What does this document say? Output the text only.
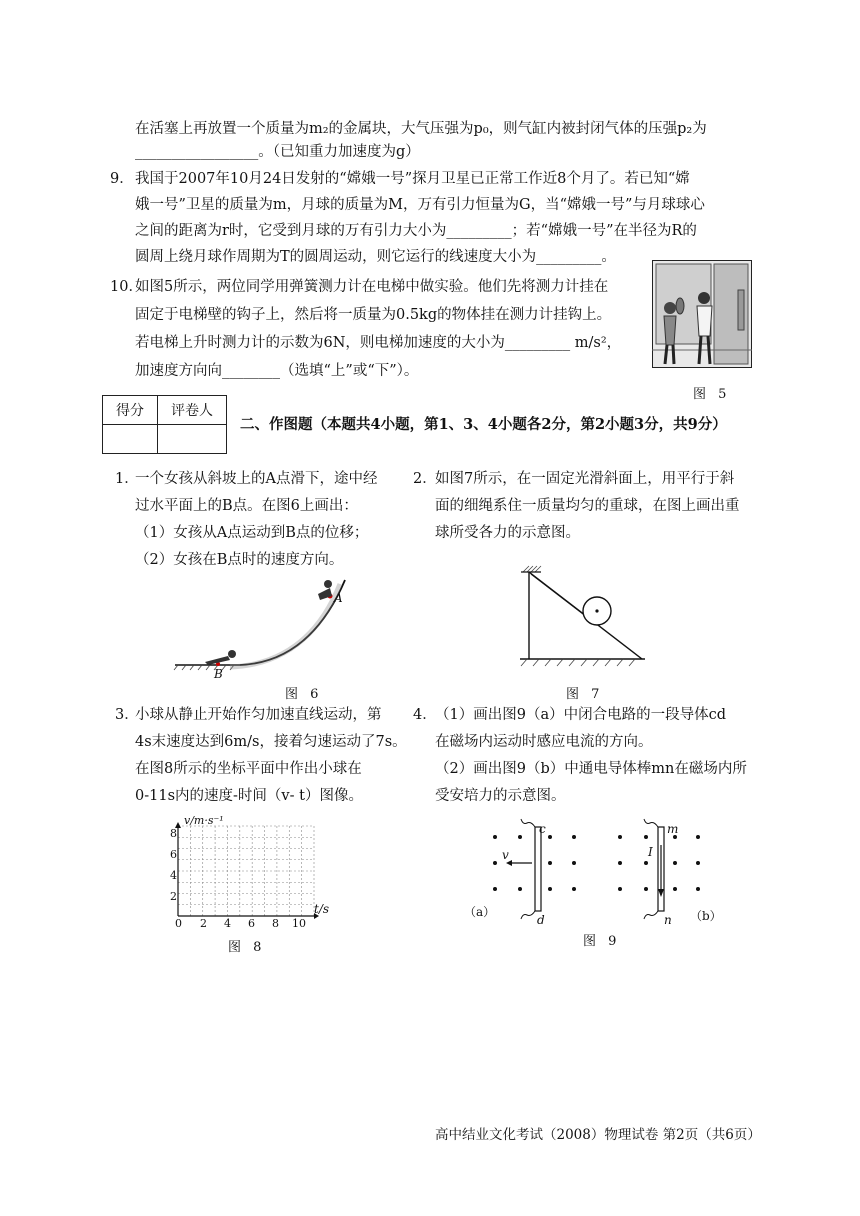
在活塞上再放置一个质量为m₂的金属块，大气压强为p₀，则气缸内被封闭气体的压强p₂为
_________________。（已知重力加速度为g）
9． 我国于2007年10月24日发射的“嫦娥一号”探月卫星已正常工作近8个月了。若已知“嫦
娥一号”卫星的质量为m，月球的质量为M，万有引力恒量为G，当“嫦娥一号”与月球球心
之间的距离为r时，它受到月球的万有引力大小为_________；若“嫦娥一号”在半径为R的
圆周上绕月球作周期为T的圆周运动，则它运行的线速度大小为_________。
10．
如图5所示，两位同学用弹簧测力计在电梯中做实验。他们先将测力计挂在
固定于电梯壁的钩子上，然后将一质量为0.5kg的物体挂在测力计挂钩上。
若电梯上升时测力计的示数为6N，则电梯加速度的大小为_________ m/s²，
加速度方向向________（选填“上”或“下”）。
图 5
得分	评卷人

二、作图题（本题共4小题，第1、3、4小题各2分，第2小题3分，共9分）
1．
一个女孩从斜坡上的A点滑下，途中经
过水平面上的B点。在图6上画出：
（1）女孩从A点运动到B点的位移；
（2）女孩在B点时的速度方向。
A
B
图 6
2．
如图7所示，在一固定光滑斜面上，用平行于斜
面的细绳系住一质量均匀的重球，在图上画出重
球所受各力的示意图。
图 7
3．
小球从静止开始作匀加速直线运动，第
4s末速度达到6m/s，接着匀速运动了7s。
在图8所示的坐标平面中作出小球在
0-11s内的速度-时间（v- t）图像。
v/m·s⁻¹
t/s
8
6
4
2
0 2 4 6 8 10
图 8
4．
（1）画出图9（a）中闭合电路的一段导体cd
在磁场内运动时感应电流的方向。
（2）画出图9（b）中通电导体棒mn在磁场内所
受安培力的示意图。
c
d
v
m
n
I
（a）	（b）
图 9
高中结业文化考试（2008）物理试卷 第2页（共6页）
